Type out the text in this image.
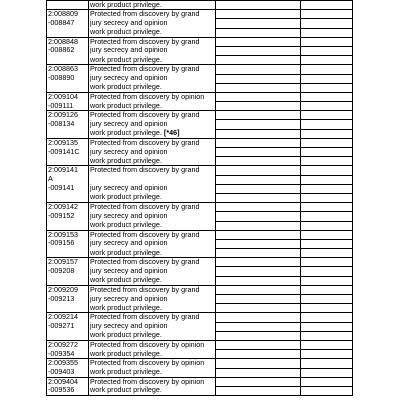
	work product privilege.		
2:008809	Protected from discovery by grand		
-008847	jury secrecy and opinion		
	work product privilege.		
2:008848	Protected from discovery by grand		
-008862	jury secrecy and opinion		
	work product privilege.		
2:008863	Protected from discovery by grand		
-008890	jury secrecy and opinion		
	work product privilege.		
2:009104	Protected from discovery by opinion		
-009111	work product privilege.		
2:009126	Protected from discovery by grand		
-008134	jury secrecy and opinion		
	work product privilege. [*46]		
2:009135	Protected from discovery by grand		
-009141C	jury secrecy and opinion		
	work product privilege.		
2:009141	Protected from discovery by grand		
A			
-009141	jury secrecy and opinion		
	work product privilege.		
2:009142	Protected from discovery by grand		
-009152	jury secrecy and opinion		
	work product privilege.		
2:009153	Protected from discovery by grand		
-009156	jury secrecy and opinion		
	work product privilege.		
2:009157	Protected from discovery by grand		
-009208	jury secrecy and opinion		
	work product privilege.		
2:009209	Protected from discovery by grand		
-009213	jury secrecy and opinion		
	work product privilege.		
2:009214	Protected from discovery by grand		
-009271	jury secrecy and opinion		
	work product privilege.		
2:009272	Protected from discovery by opinion		
-009354	work product privilege.		
2:009355	Protected from discovery by opinion		
-009403	work product privilege.		
2:009404	Protected from discovery by opinion		
-009536	work product privilege.		
